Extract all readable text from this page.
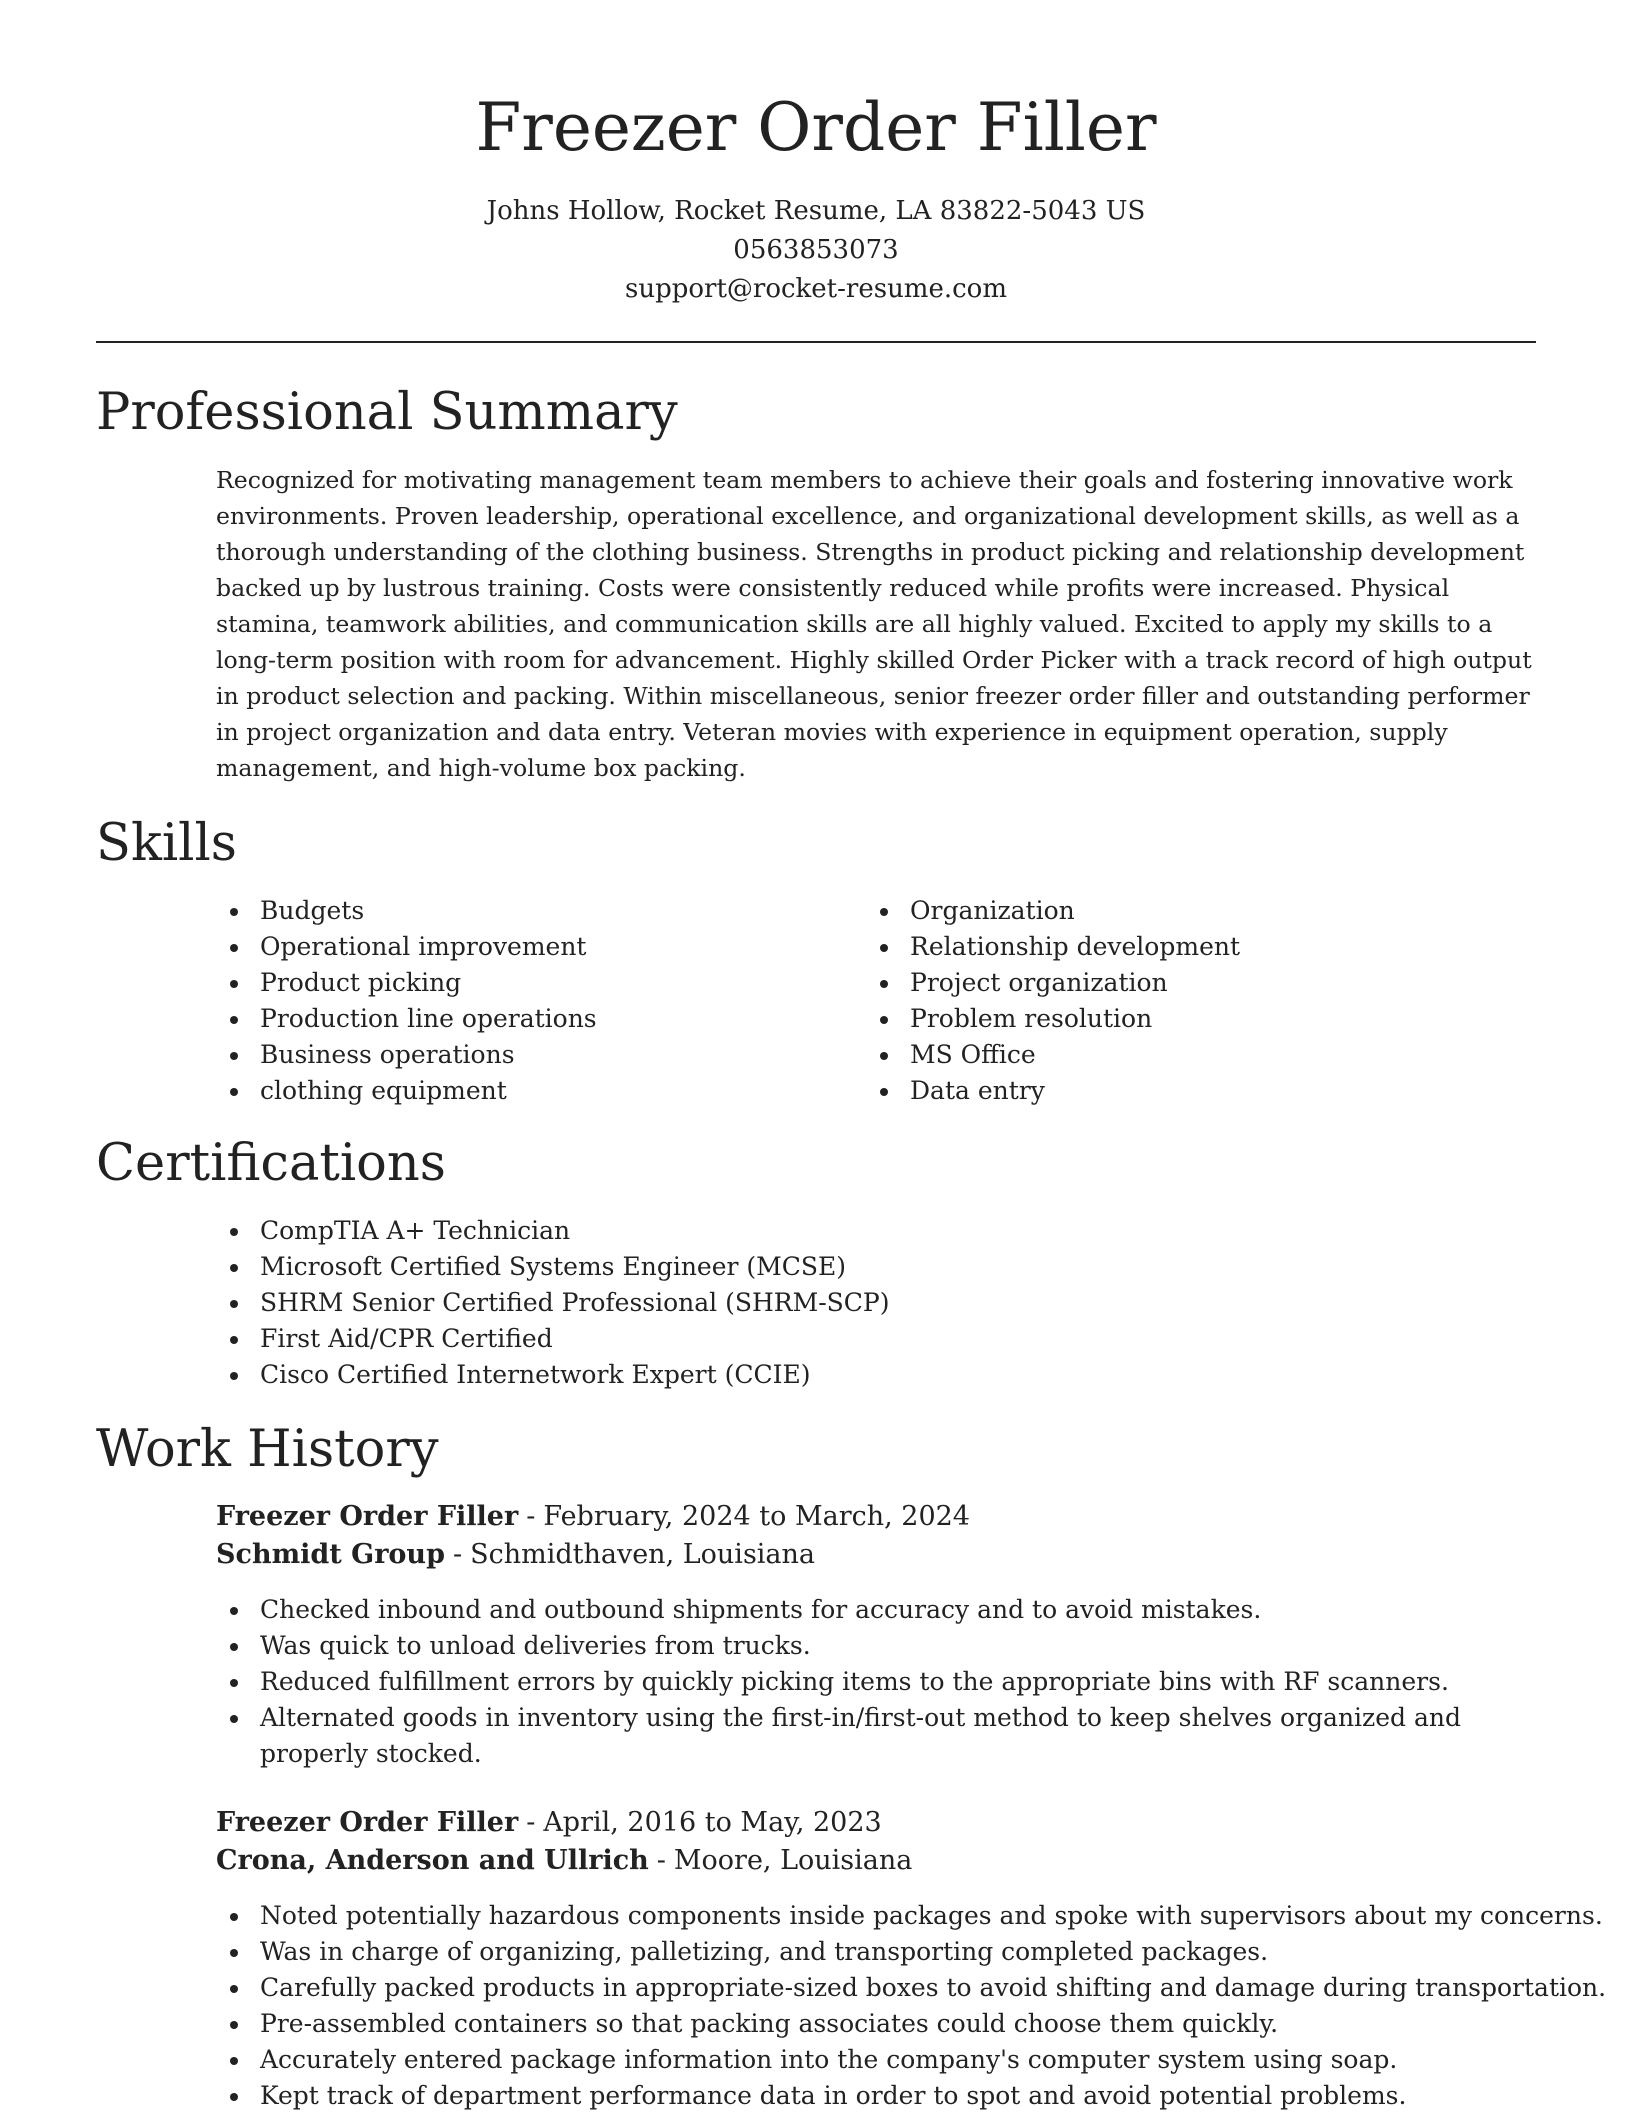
Freezer Order Filler
Johns Hollow, Rocket Resume, LA 83822-5043 US
0563853073
support@rocket-resume.com
Professional Summary

Recognized for motivating management team members to achieve their goals and fostering innovative work environments. Proven leadership, operational excellence, and organizational development skills, as well as a thorough understanding of the clothing business. Strengths in product picking and relationship development backed up by lustrous training. Costs were consistently reduced while profits were increased. Physical stamina, teamwork abilities, and communication skills are all highly valued. Excited to apply my skills to a long-term position with room for advancement. Highly skilled Order Picker with a track record of high output in product selection and packing. Within miscellaneous, senior freezer order filler and outstanding performer in project organization and data entry. Veteran movies with experience in equipment operation, supply management, and high-volume box packing.

Skills
Budgets
Operational improvement
Product picking
Production line operations
Business operations
clothing equipment
Organization
Relationship development
Project organization
Problem resolution
MS Office
Data entry
Certifications
CompTIA A+ Technician
Microsoft Certified Systems Engineer (MCSE)
SHRM Senior Certified Professional (SHRM-SCP)
First Aid/CPR Certified
Cisco Certified Internetwork Expert (CCIE)
Work History
Freezer Order Filler - February, 2024 to March, 2024
Schmidt Group - Schmidthaven, Louisiana
Checked inbound and outbound shipments for accuracy and to avoid mistakes.
Was quick to unload deliveries from trucks.
Reduced fulfillment errors by quickly picking items to the appropriate bins with RF scanners.
Alternated goods in inventory using the first-in/first-out method to keep shelves organized and properly stocked.
Freezer Order Filler - April, 2016 to May, 2023
Crona, Anderson and Ullrich - Moore, Louisiana
Noted potentially hazardous components inside packages and spoke with supervisors about my concerns.
Was in charge of organizing, palletizing, and transporting completed packages.
Carefully packed products in appropriate-sized boxes to avoid shifting and damage during transportation.
Pre-assembled containers so that packing associates could choose them quickly.
Accurately entered package information into the company's computer system using soap.
Kept track of department performance data in order to spot and avoid potential problems.
